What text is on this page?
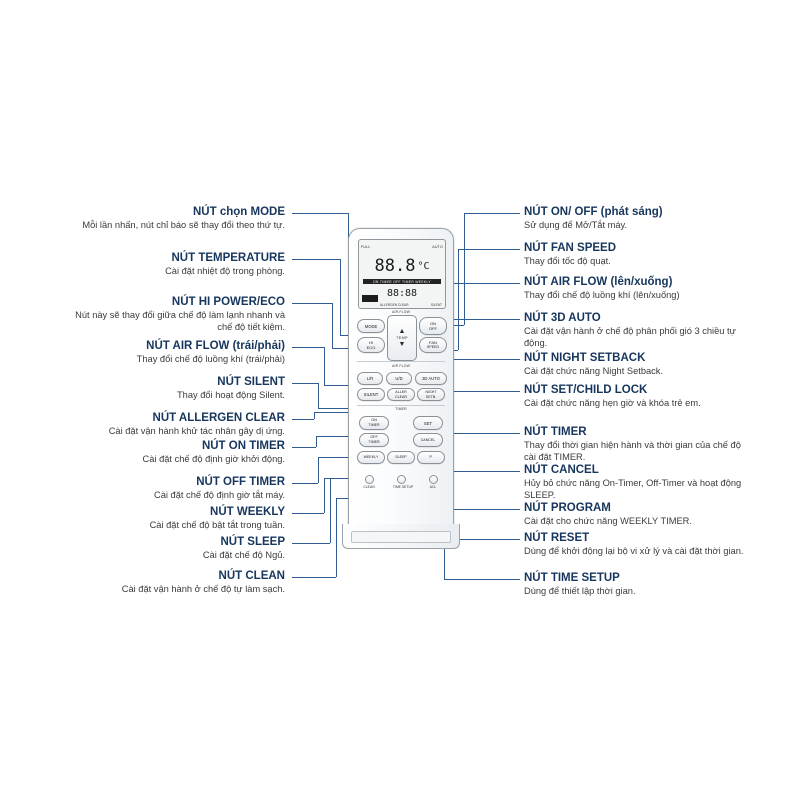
NÚT chọn MODE
Mỗi lần nhấn, nút chỉ báo sẽ thay đổi theo thứ tự.
NÚT TEMPERATURE
Cài đặt nhiệt độ trong phòng.
NÚT HI POWER/ECO
Nút này sẽ thay đổi giữa chế độ làm lạnh nhanh và chế độ tiết kiệm.
NÚT AIR FLOW (trái/phải)
Thay đổi chế độ luồng khí (trái/phải)
NÚT SILENT
Thay đổi hoạt động Silent.
NÚT ALLERGEN CLEAR
Cài đặt vận hành khử tác nhân gây dị ứng.
NÚT ON TIMER
Cài đặt chế độ định giờ khởi động.
NÚT OFF TIMER
Cài đặt chế độ định giờ tắt máy.
NÚT WEEKLY
Cài đặt chế độ bật tắt trong tuần.
NÚT SLEEP
Cài đặt chế độ Ngủ.
NÚT CLEAN
Cài đặt vận hành ở chế độ tự làm sạch.
NÚT ON/ OFF (phát sáng)
Sử dụng để Mở/Tắt máy.
NÚT FAN SPEED
Thay đổi tốc độ quạt.
NÚT AIR FLOW (lên/xuống)
Thay đổi chế độ luồng khí (lên/xuống)
NÚT 3D AUTO
Cài đặt vận hành ở chế độ phân phối gió 3 chiều tự động.
NÚT NIGHT SETBACK
Cài đặt chức năng Night Setback.
NÚT SET/CHILD LOCK
Cài đặt chức năng hẹn giờ và khóa trẻ em.
NÚT TIMER
Thay đổi thời gian hiện hành và thời gian của chế độ cài đặt TIMER.
NÚT CANCEL
Hủy bỏ chức năng On-Timer, Off-Timer và hoạt động SLEEP.
NÚT PROGRAM
Cài đặt cho chức năng WEEKLY TIMER.
NÚT RESET
Dùng để khởi động lại bộ vi xử lý và cài đặt thời gian.
NÚT TIME SETUP
Dùng để thiết lập thời gian.
FULL	AUTO
88.8 °C
ON TIMER OFF TIMER WEEKLY
88:88
ALLERGEN CLEAR	SILENT
AIR FLOW
MODE
▲
TEMP
▼
ON
OFF
HI
ECO
FAN
SPEED
AIR FLOW
L/R	U/D	3D AUTO
SILENT
ALLER
CLEAR
NIGHT
SETB.
TIMER
ON
TIMER	SET
OFF
TIMER
CANCEL
WEEKLY	SLEEP	P.
CLEAN	TIME SETUP	ACL
